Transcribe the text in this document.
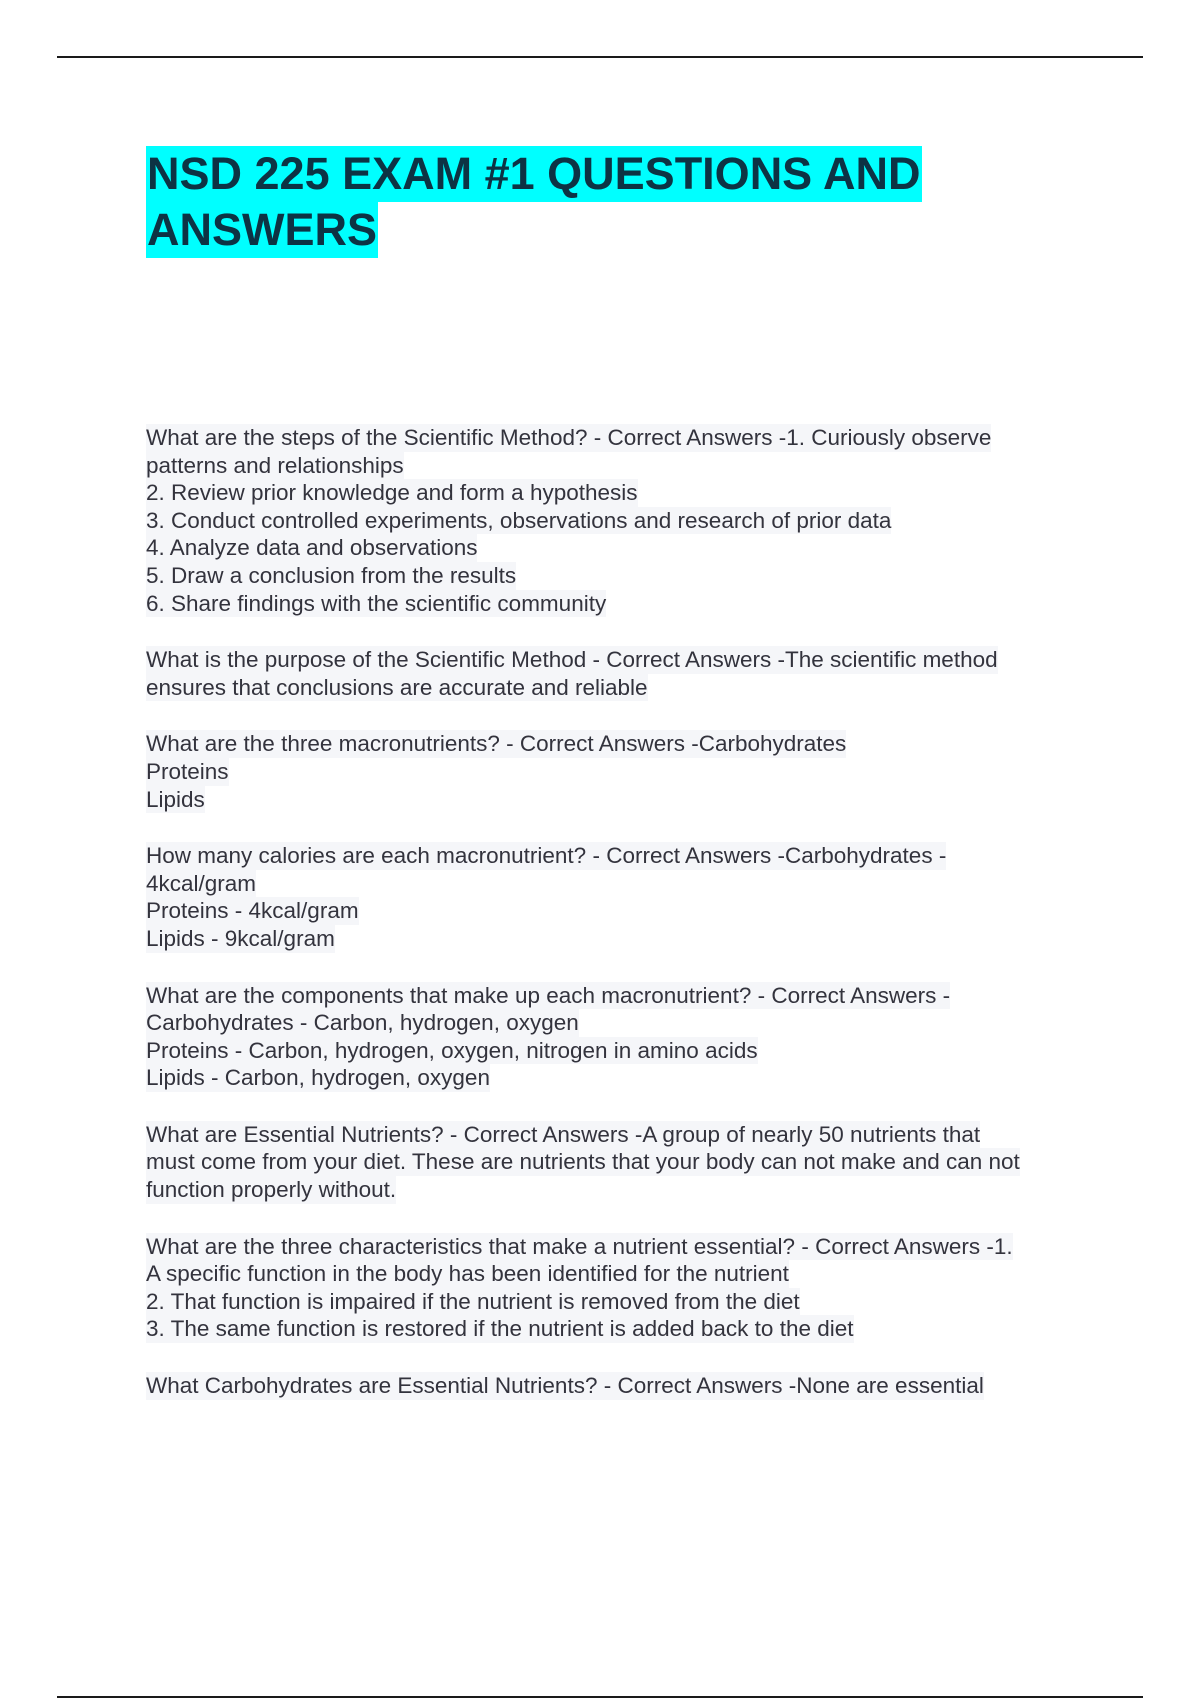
NSD 225 EXAM #1 QUESTIONS AND
ANSWERS
What are the steps of the Scientific Method? - Correct Answers -1. Curiously observe
patterns and relationships
2. Review prior knowledge and form a hypothesis
3. Conduct controlled experiments, observations and research of prior data
4. Analyze data and observations
5. Draw a conclusion from the results
6. Share findings with the scientific community
What is the purpose of the Scientific Method - Correct Answers -The scientific method
ensures that conclusions are accurate and reliable
What are the three macronutrients? - Correct Answers -Carbohydrates
Proteins
Lipids
How many calories are each macronutrient? - Correct Answers -Carbohydrates -
4kcal/gram
Proteins - 4kcal/gram
Lipids - 9kcal/gram
What are the components that make up each macronutrient? - Correct Answers -
Carbohydrates - Carbon, hydrogen, oxygen
Proteins - Carbon, hydrogen, oxygen, nitrogen in amino acids
Lipids - Carbon, hydrogen, oxygen
What are Essential Nutrients? - Correct Answers -A group of nearly 50 nutrients that
must come from your diet. These are nutrients that your body can not make and can not
function properly without.
What are the three characteristics that make a nutrient essential? - Correct Answers -1.
A specific function in the body has been identified for the nutrient
2. That function is impaired if the nutrient is removed from the diet
3. The same function is restored if the nutrient is added back to the diet
What Carbohydrates are Essential Nutrients? - Correct Answers -None are essential
